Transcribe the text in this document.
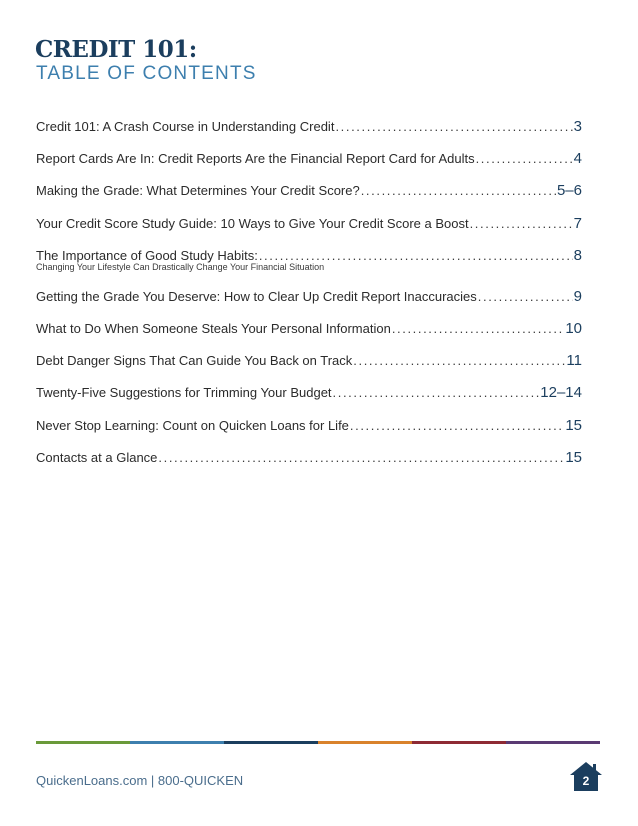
CREDIT 101:
TABLE OF CONTENTS
Credit 101: A Crash Course in Understanding Credit .....	3
Report Cards Are In: Credit Reports Are the Financial Report Card for Adults .....	4
Making the Grade: What Determines Your Credit Score? .....	5–6
Your Credit Score Study Guide: 10 Ways to Give Your Credit Score a Boost .....	7
The Importance of Good Study Habits: .....	8
Changing Your Lifestyle Can Drastically Change Your Financial Situation
Getting the Grade You Deserve: How to Clear Up Credit Report Inaccuracies .....	9
What to Do When Someone Steals Your Personal Information .....	10
Debt Danger Signs That Can Guide You Back on Track .....	11
Twenty-Five Suggestions for Trimming Your Budget .....	12–14
Never Stop Learning: Count on Quicken Loans for Life .....	15
Contacts at a Glance .....	15

QuickenLoans.com | 800-QUICKEN	2
